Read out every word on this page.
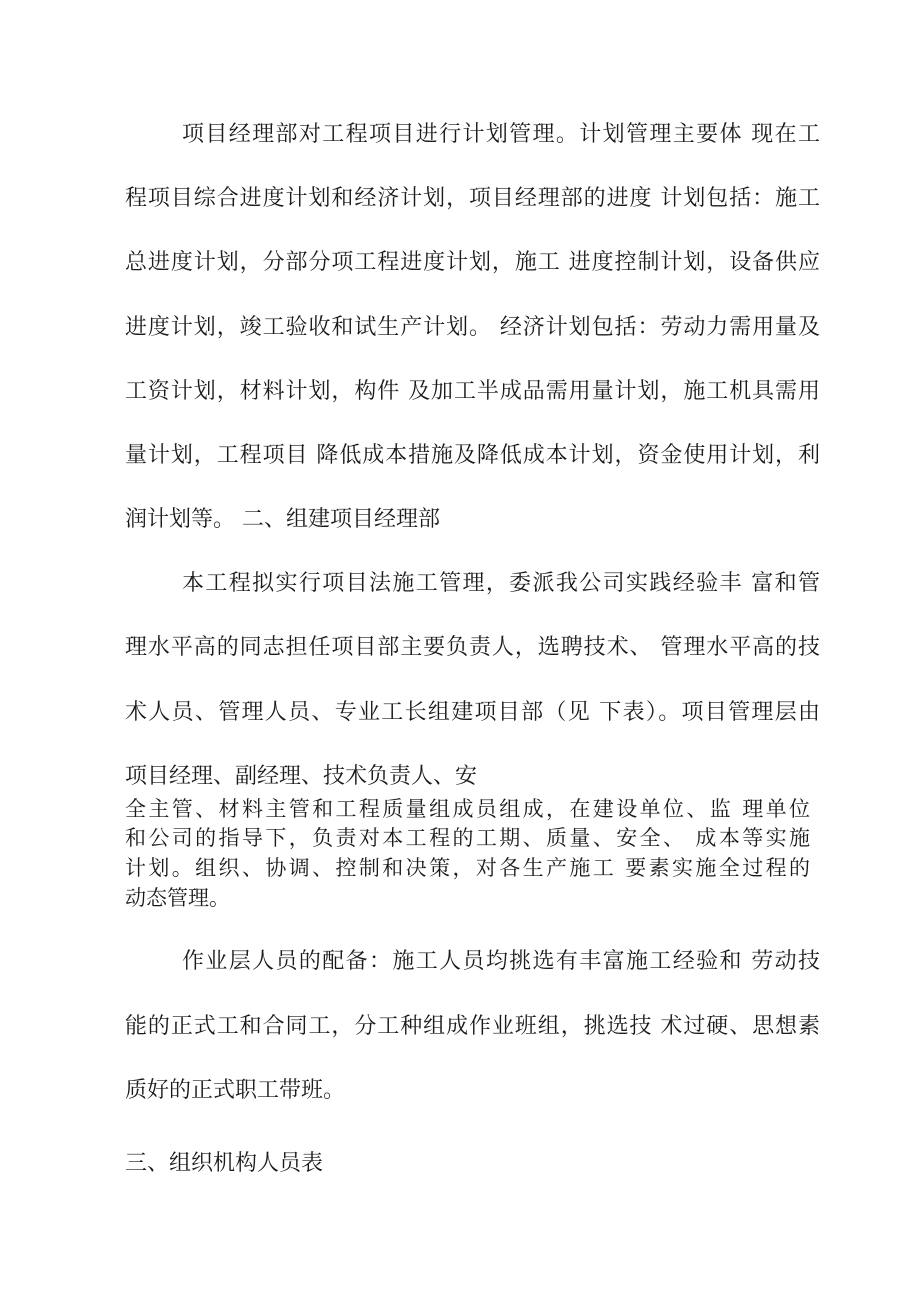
项目经理部对工程项目进行计划管理。计划管理主要体 现在工
程项目综合进度计划和经济计划，项目经理部的进度 计划包括：施工
总进度计划，分部分项工程进度计划，施工 进度控制计划，设备供应
进度计划，竣工验收和试生产计划。 经济计划包括：劳动力需用量及
工资计划，材料计划，构件 及加工半成品需用量计划，施工机具需用
量计划，工程项目 降低成本措施及降低成本计划，资金使用计划，利
润计划等。 二、组建项目经理部
本工程拟实行项目法施工管理，委派我公司实践经验丰 富和管
理水平高的同志担任项目部主要负责人，选聘技术、 管理水平高的技
术人员、管理人员、专业工长组建项目部（见 下表）。项目管理层由
项目经理、副经理、技术负责人、安
全主管、材料主管和工程质量组成员组成，在建设单位、监 理单位
和公司的指导下，负责对本工程的工期、质量、安全、 成本等实施
计划。组织、协调、控制和决策，对各生产施工 要素实施全过程的
动态管理。
作业层人员的配备：施工人员均挑选有丰富施工经验和 劳动技
能的正式工和合同工，分工种组成作业班组，挑选技 术过硬、思想素
质好的正式职工带班。
三、组织机构人员表
